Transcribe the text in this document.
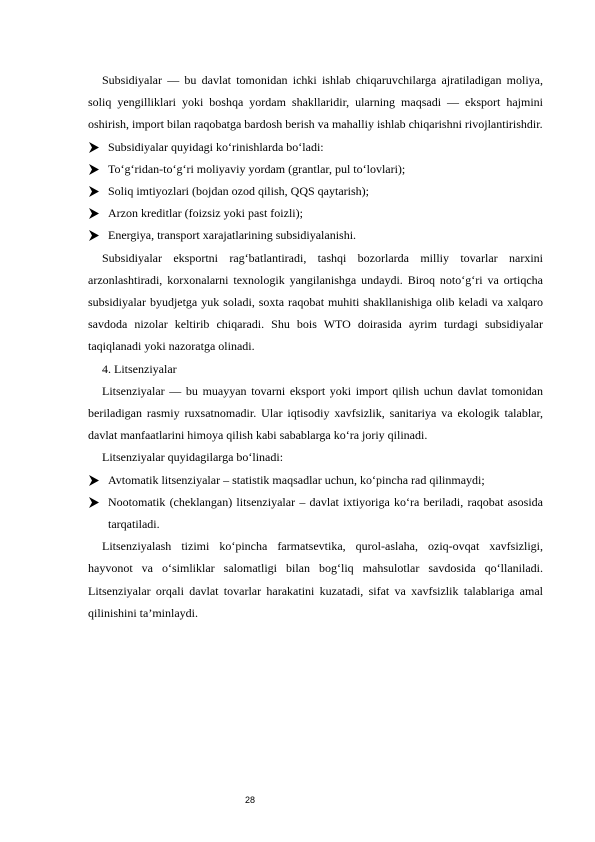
Subsidiyalar — bu davlat tomonidan ichki ishlab chiqaruvchilarga ajratiladigan moliya, soliq yengilliklari yoki boshqa yordam shakllaridir, ularning maqsadi — eksport hajmini oshirish, import bilan raqobatga bardosh berish va mahalliy ishlab chiqarishni rivojlantirishdir.

Subsidiyalar quyidagi ko‘rinishlarda bo‘ladi:
To‘g‘ridan-to‘g‘ri moliyaviy yordam (grantlar, pul to‘lovlari);
Soliq imtiyozlari (bojdan ozod qilish, QQS qaytarish);
Arzon kreditlar (foizsiz yoki past foizli);
Energiya, transport xarajatlarining subsidiyalanishi.

Subsidiyalar eksportni rag‘batlantiradi, tashqi bozorlarda milliy tovarlar narxini arzonlashtiradi, korxonalarni texnologik yangilanishga undaydi. Biroq noto‘g‘ri va ortiqcha subsidiyalar byudjetga yuk soladi, soxta raqobat muhiti shakllanishiga olib keladi va xalqaro savdoda nizolar keltirib chiqaradi. Shu bois WTO doirasida ayrim turdagi subsidiyalar taqiqlanadi yoki nazoratga olinadi.

4. Litsenziyalar

Litsenziyalar — bu muayyan tovarni eksport yoki import qilish uchun davlat tomonidan beriladigan rasmiy ruxsatnomadir. Ular iqtisodiy xavfsizlik, sanitariya va ekologik talablar, davlat manfaatlarini himoya qilish kabi sabablarga ko‘ra joriy qilinadi.

Litsenziyalar quyidagilarga bo‘linadi:

Avtomatik litsenziyalar – statistik maqsadlar uchun, ko‘pincha rad qilinmaydi;
Nootomatik (cheklangan) litsenziyalar – davlat ixtiyoriga ko‘ra beriladi, raqobat asosida tarqatiladi.

Litsenziyalash tizimi ko‘pincha farmatsevtika, qurol-aslaha, oziq-ovqat xavfsizligi, hayvonot va o‘simliklar salomatligi bilan bog‘liq mahsulotlar savdosida qo‘llaniladi. Litsenziyalar orqali davlat tovarlar harakatini kuzatadi, sifat va xavfsizlik talablariga amal qilinishini ta’minlaydi.

28
